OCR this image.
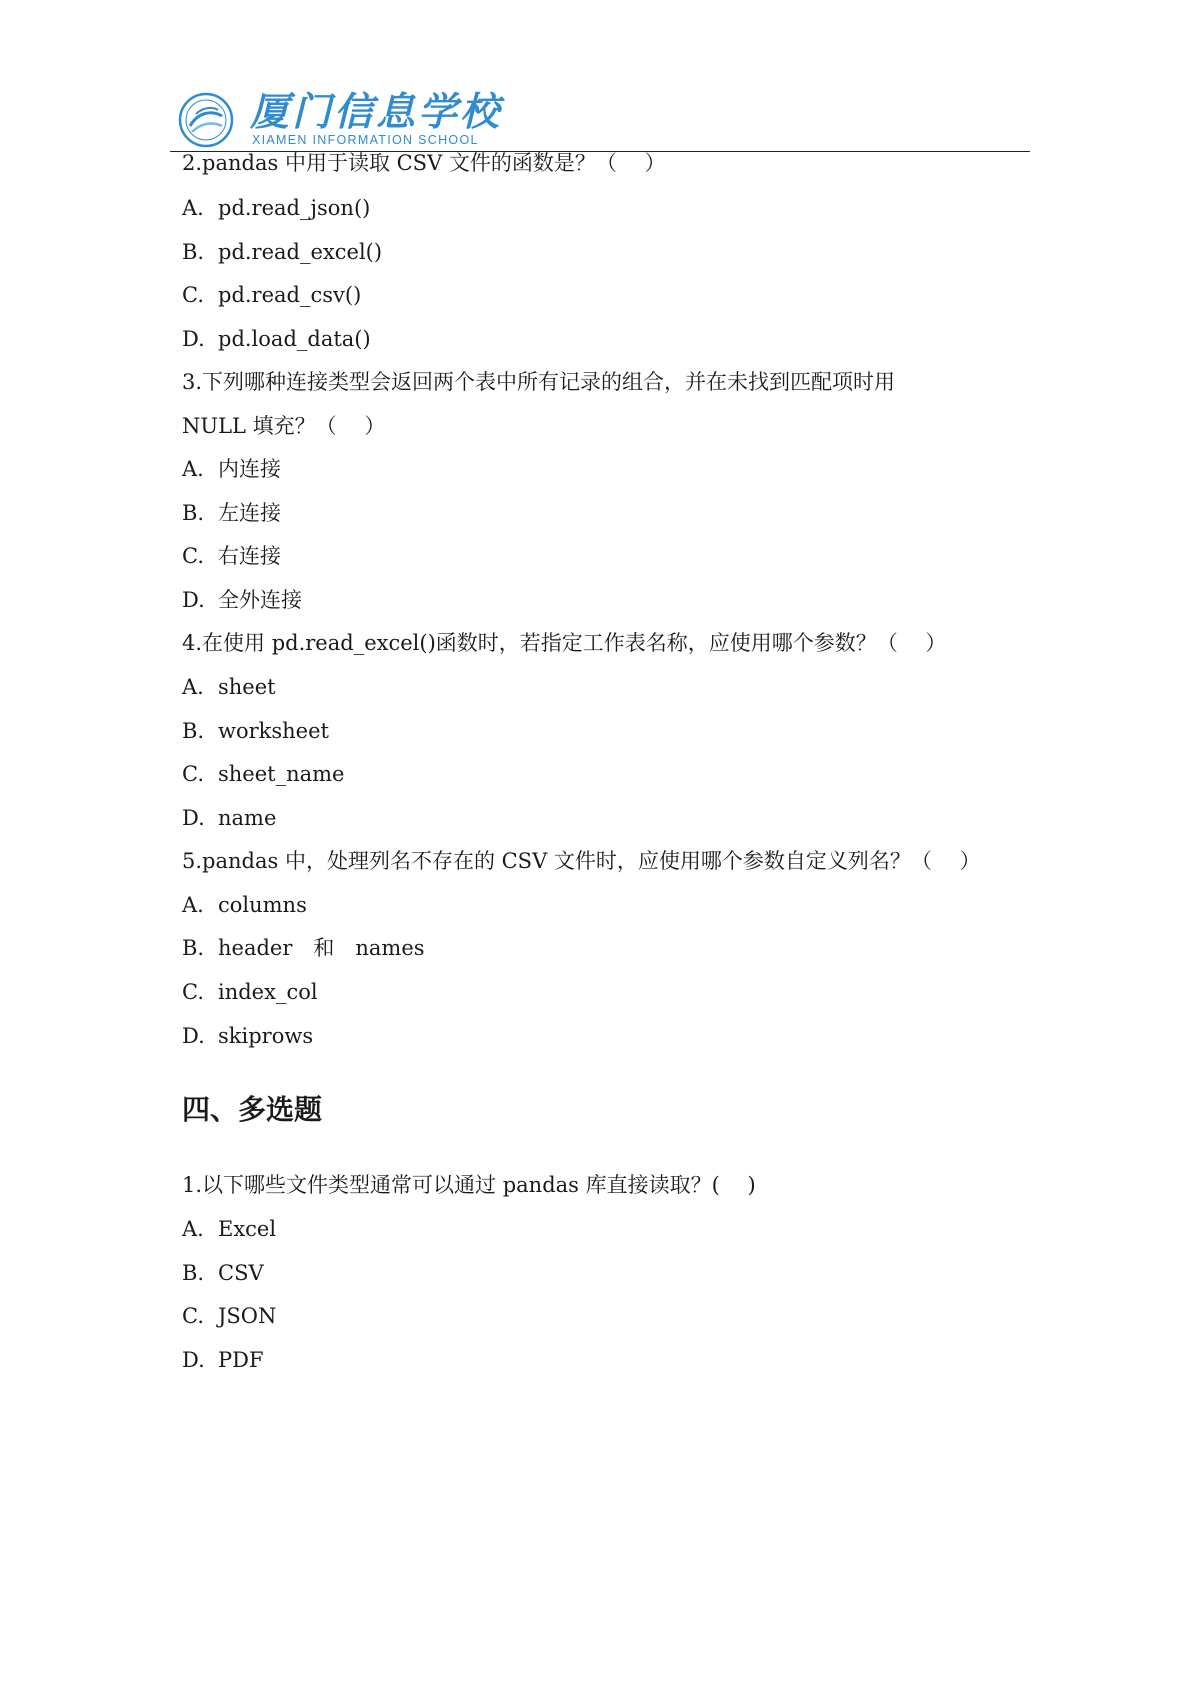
厦门信息学校
XIAMEN INFORMATION SCHOOL
2.pandas 中用于读取 CSV 文件的函数是？（　 ）
A. pd.read_json()
B. pd.read_excel()
C. pd.read_csv()
D. pd.load_data()
3.下列哪种连接类型会返回两个表中所有记录的组合，并在未找到匹配项时用
NULL 填充？（　 ）
A. 内连接
B. 左连接
C. 右连接
D. 全外连接
4.在使用 pd.read_excel()函数时，若指定工作表名称，应使用哪个参数？（　 ）
A. sheet
B. worksheet
C. sheet_name
D. name
5.pandas 中，处理列名不存在的 CSV 文件时，应使用哪个参数自定义列名？（　 ）
A. columns
B. header　和　names
C. index_col
D. skiprows
四、多选题
1.以下哪些文件类型通常可以通过 pandas 库直接读取？(　 )
A. Excel
B. CSV
C. JSON
D. PDF
